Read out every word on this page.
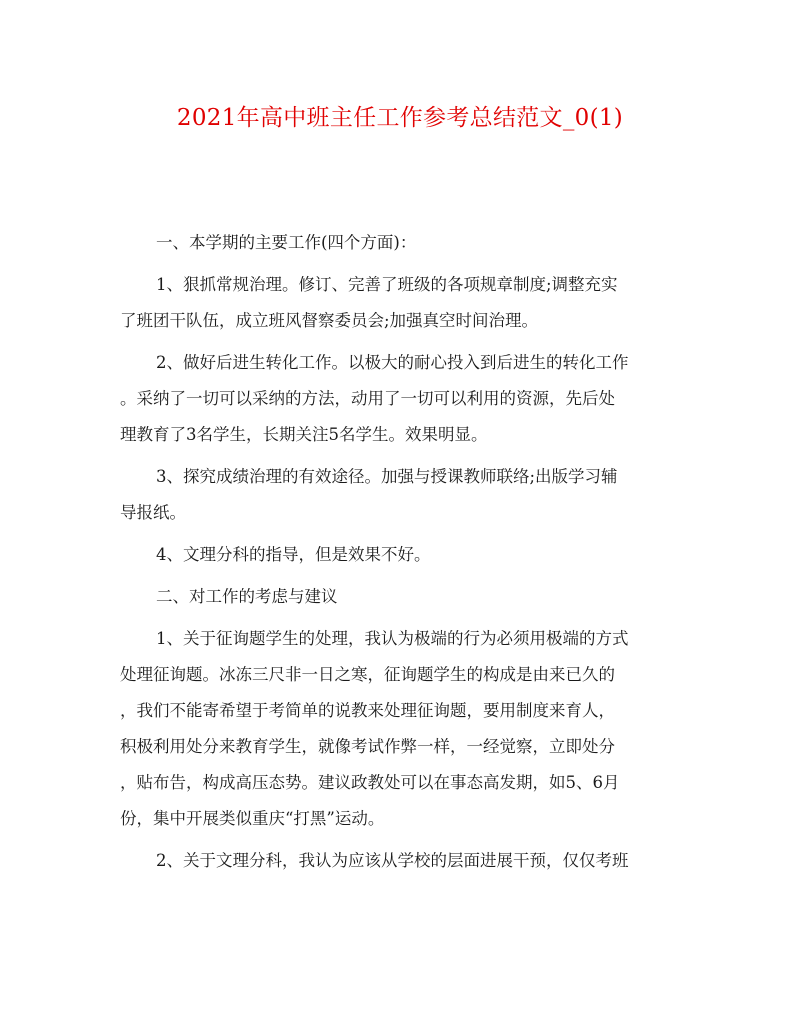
2021年高中班主任工作参考总结范文_0(1)
一、本学期的主要工作(四个方面)：
1、狠抓常规治理。修订、完善了班级的各项规章制度;调整充实
了班团干队伍，成立班风督察委员会;加强真空时间治理。
2、做好后进生转化工作。以极大的耐心投入到后进生的转化工作
。采纳了一切可以采纳的方法，动用了一切可以利用的资源，先后处
理教育了3名学生，长期关注5名学生。效果明显。
3、探究成绩治理的有效途径。加强与授课教师联络;出版学习辅
导报纸。
4、文理分科的指导，但是效果不好。
二、对工作的考虑与建议
1、关于征询题学生的处理，我认为极端的行为必须用极端的方式
处理征询题。冰冻三尺非一日之寒，征询题学生的构成是由来已久的
，我们不能寄希望于考简单的说教来处理征询题，要用制度来育人，
积极利用处分来教育学生，就像考试作弊一样，一经觉察，立即处分
，贴布告，构成高压态势。建议政教处可以在事态高发期，如5、6月
份，集中开展类似重庆“打黑”运动。
2、关于文理分科，我认为应该从学校的层面进展干预，仅仅考班
